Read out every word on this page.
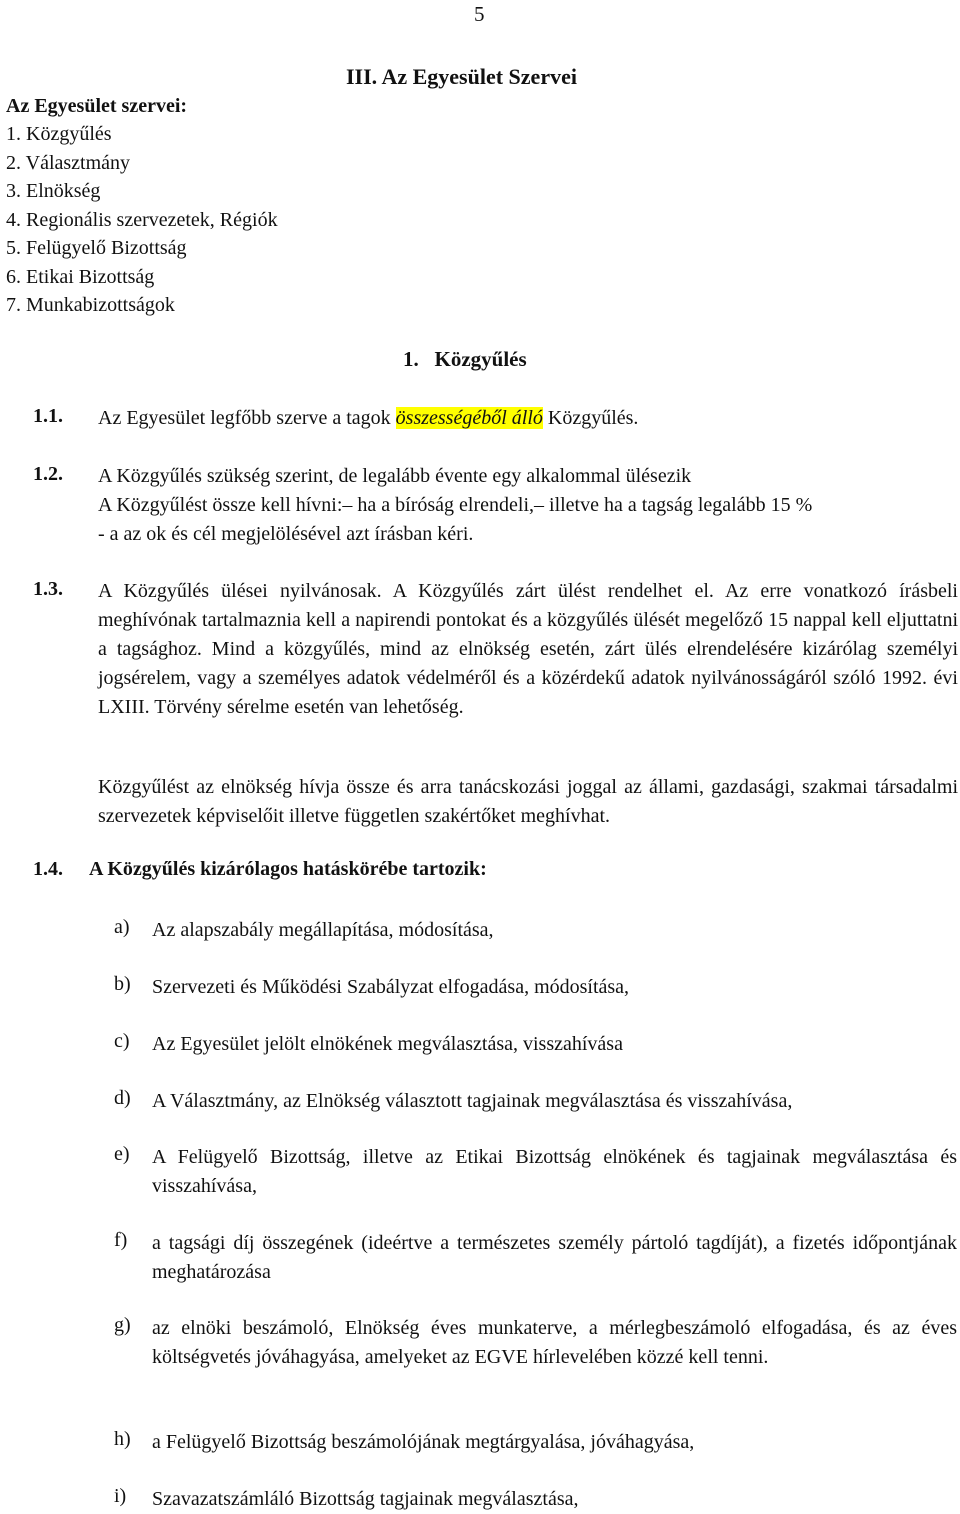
5
III. Az Egyesület Szervei
Az Egyesület szervei:
1. Közgyűlés
2. Választmány
3. Elnökség
4. Regionális szervezetek, Régiók
5. Felügyelő Bizottság
6. Etikai Bizottság
7. Munkabizottságok
1.   Közgyűlés
1.1. Az Egyesület legfőbb szerve a tagok összességéből álló Közgyűlés.
1.2. A Közgyűlés szükség szerint, de legalább évente egy alkalommal ülésezik
A Közgyűlést össze kell hívni:– ha a bíróság elrendeli,– illetve ha a tagság legalább 15 %
- a az ok és cél megjelölésével azt írásban kéri.
1.3. A Közgyűlés ülései nyilvánosak. A Közgyűlés zárt ülést rendelhet el. Az erre vonatkozó írásbeli meghívónak tartalmaznia kell a napirendi pontokat és a közgyűlés ülését megelőző 15 nappal kell eljuttatni a tagsághoz. Mind a közgyűlés, mind az elnökség esetén, zárt ülés elrendelésére kizárólag személyi jogsérelem, vagy a személyes adatok védelméről és a közérdekű adatok nyilvánosságáról szóló 1992. évi LXIII. Törvény sérelme esetén van lehetőség.
Közgyűlést az elnökség hívja össze és arra tanácskozási joggal az állami, gazdasági, szakmai társadalmi szervezetek képviselőit illetve független szakértőket meghívhat.
1.4. A Közgyűlés kizárólagos hatáskörébe tartozik:
a) Az alapszabály megállapítása, módosítása,
b) Szervezeti és Működési Szabályzat elfogadása, módosítása,
c) Az Egyesület jelölt elnökének megválasztása, visszahívása
d) A Választmány, az Elnökség választott tagjainak megválasztása és visszahívása,
e) A Felügyelő Bizottság, illetve az Etikai Bizottság elnökének és tagjainak megválasztása és visszahívása,
f) a tagsági díj összegének (ideértve a természetes személy pártoló tagdíját), a fizetés időpontjának meghatározása
g) az elnöki beszámoló, Elnökség éves munkaterve, a mérlegbeszámoló elfogadása, és az éves költségvetés jóváhagyása, amelyeket az EGVE hírlevelében közzé kell tenni.
h) a Felügyelő Bizottság beszámolójának megtárgyalása, jóváhagyása,
i) Szavazatszámláló Bizottság tagjainak megválasztása,
